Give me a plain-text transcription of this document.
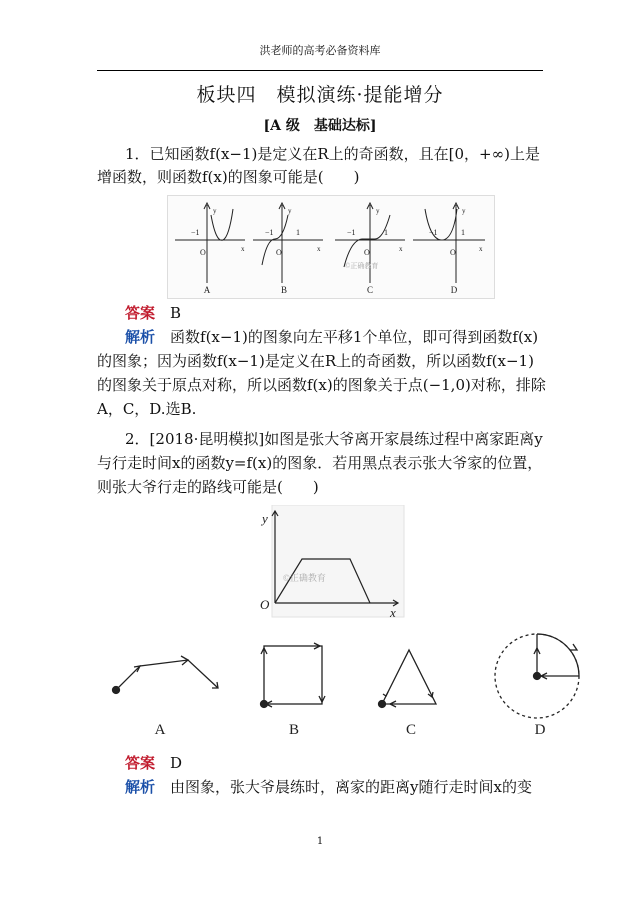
洪老师的高考必备资料库
板块四　模拟演练·提能增分
[A 级　基础达标]
1．已知函数f(x−1)是定义在R上的奇函数，且在[0，+∞)上是
增函数，则函数f(x)的图象可能是(　　)
O
−1
y
x	O
−1	1
y
x	O
−1	1
y
x	O
−1	1
y
x
A	B	C	D
©正确教育
答案　 B
解析　 函数f(x−1)的图象向左平移1个单位，即可得到函数f(x)
的图象；因为函数f(x−1)是定义在R上的奇函数，所以函数f(x−1)
的图象关于原点对称，所以函数f(x)的图象关于点(−1,0)对称，排除
A，C，D.选B.
2．[2018·昆明模拟]如图是张大爷离开家晨练过程中离家距离y
与行走时间x的函数y=f(x)的图象．若用黑点表示张大爷家的位置，
则张大爷行走的路线可能是(　　)
y
x
O
©正确教育
A	B	C	D
答案　 D
解析　 由图象，张大爷晨练时，离家的距离y随行走时间x的变
1
